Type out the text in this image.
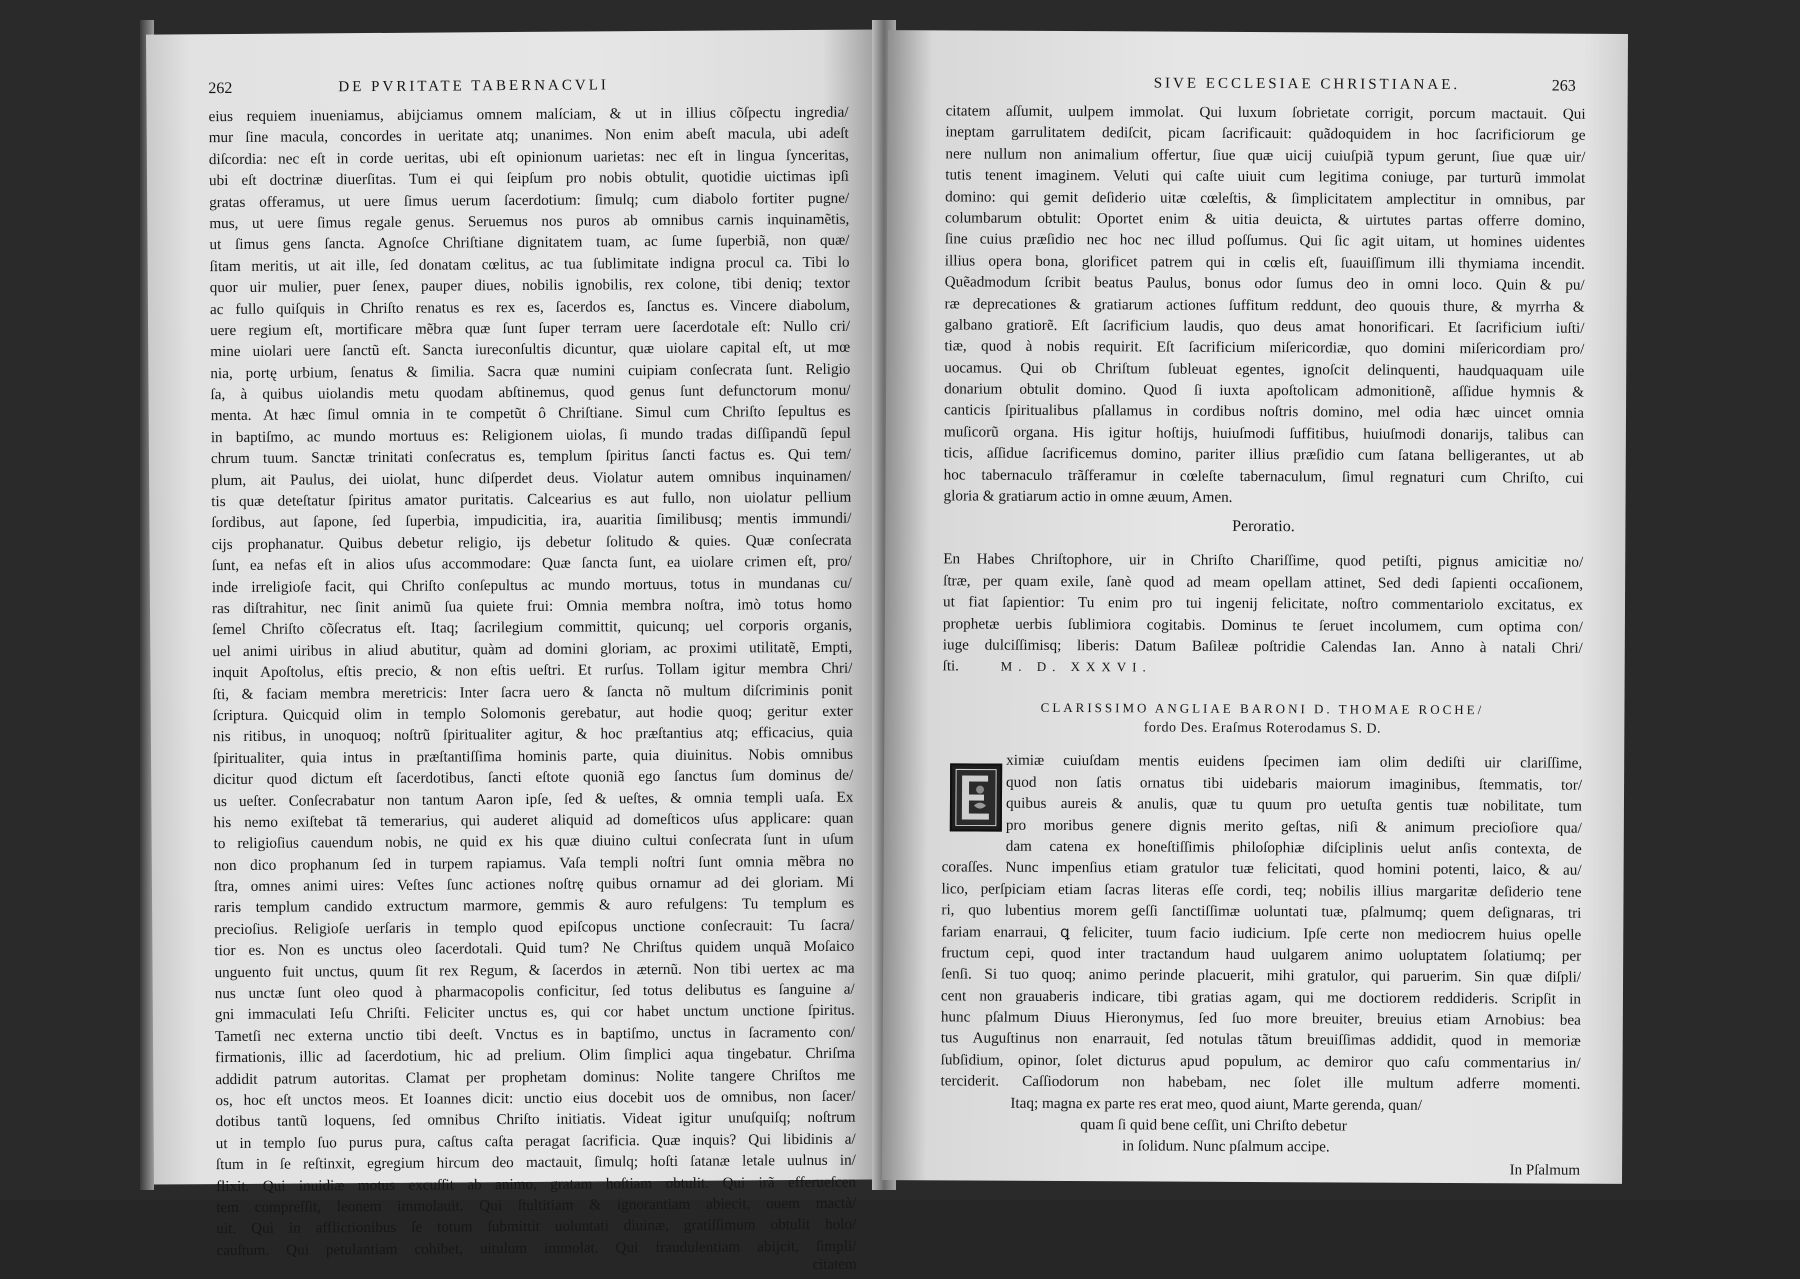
262	DE PVRITATE TABERNACVLI
eius requiem inueniamus, abijciamus omnem malíciam, & ut in illius cõſpectu ingredia/
mur ſine macula, concordes in ueritate atq; unanimes. Non enim abeſt macula, ubi adeſt
diſcordia: nec eſt in corde ueritas, ubi eſt opinionum uarietas: nec eſt in lingua ſynceritas,
ubi eſt doctrinæ diuerſitas. Tum ei qui ſeipſum pro nobis obtulit, quotidie uictimas ipſi
gratas offeramus, ut uere ſimus uerum ſacerdotium: ſimulq; cum diabolo fortiter pugne/
mus, ut uere ſimus regale genus. Seruemus nos puros ab omnibus carnis inquinamẽtis,
ut ſimus gens ſancta. Agnoſce Chriſtiane dignitatem tuam, ac ſume ſuperbiã, non quæ/
ſitam meritis, ut ait ille, ſed donatam cœlitus, ac tua ſublimitate indigna procul ca. Tibi lo
quor uir mulier, puer ſenex, pauper diues, nobilis ignobilis, rex colone, tibi deniq; textor
ac fullo quiſquis in Chriſto renatus es rex es, ſacerdos es, ſanctus es. Vincere diabolum,
uere regium eſt, mortificare mẽbra quæ ſunt ſuper terram uere ſacerdotale eſt: Nullo cri/
mine uiolari uere ſanctũ eſt. Sancta iureconſultis dicuntur, quæ uiolare capital eſt, ut mœ
nia, portę urbium, ſenatus & ſimilia. Sacra quæ numini cuipiam conſecrata ſunt. Religio
ſa, à quibus uiolandis metu quodam abſtinemus, quod genus ſunt defunctorum monu/
menta. At hæc ſimul omnia in te competũt ô Chriſtiane. Simul cum Chriſto ſepultus es
in baptiſmo, ac mundo mortuus es: Religionem uiolas, ſi mundo tradas diſſipandũ ſepul
chrum tuum. Sanctæ trinitati conſecratus es, templum ſpiritus ſancti factus es. Qui tem/
plum, ait Paulus, dei uiolat, hunc diſperdet deus. Violatur autem omnibus inquinamen/
tis quæ deteſtatur ſpiritus amator puritatis. Calcearius es aut fullo, non uiolatur pellium
ſordibus, aut ſapone, ſed ſuperbia, impudicitia, ira, auaritia ſimilibusq; mentis immundi/
cijs prophanatur. Quibus debetur religio, ijs debetur ſolitudo & quies. Quæ conſecrata
ſunt, ea nefas eſt in alios uſus accommodare: Quæ ſancta ſunt, ea uiolare crimen eſt, pro/
inde irreligioſe facit, qui Chriſto conſepultus ac mundo mortuus, totus in mundanas cu/
ras diſtrahitur, nec ſinit animũ ſua quiete frui: Omnia membra noſtra, imò totus homo
ſemel Chriſto cõſecratus eſt. Itaq; ſacrilegium committit, quicunq; uel corporis organis,
uel animi uiribus in aliud abutitur, quàm ad domini gloriam, ac proximi utilitatẽ, Empti,
inquit Apoſtolus, eſtis precio, & non eſtis ueſtri. Et rurſus. Tollam igitur membra Chri/
ſti, & faciam membra meretricis: Inter ſacra uero & ſancta nõ multum diſcriminis ponit
ſcriptura. Quicquid olim in templo Solomonis gerebatur, aut hodie quoq; geritur exter
nis ritibus, in unoquoq; noſtrũ ſpiritualiter agitur, & hoc præſtantius atq; efficacius, quia
ſpiritualiter, quia intus in præſtantiſſima hominis parte, quia diuinitus. Nobis omnibus
dicitur quod dictum eſt ſacerdotibus, ſancti eſtote quoniã ego ſanctus ſum dominus de/
us ueſter. Conſecrabatur non tantum Aaron ipſe, ſed & ueſtes, & omnia templi uaſa. Ex
his nemo exiſtebat tã temerarius, qui auderet aliquid ad domeſticos uſus applicare: quan
to religioſius cauendum nobis, ne quid ex his quæ diuino cultui conſecrata ſunt in uſum
non dico prophanum ſed in turpem rapiamus. Vaſa templi noſtri ſunt omnia mẽbra no
ſtra, omnes animi uires: Veſtes ſunc actiones noſtrę quibus ornamur ad dei gloriam. Mi
raris templum candido extructum marmore, gemmis & auro refulgens: Tu templum es
precioſius. Religioſe uerſaris in templo quod epiſcopus unctione conſecrauit: Tu ſacra/
tior es. Non es unctus oleo ſacerdotali. Quid tum? Ne Chriſtus quidem unquã Moſaico
unguento fuit unctus, quum ſit rex Regum, & ſacerdos in æternũ. Non tibi uertex ac ma
nus unctæ ſunt oleo quod à pharmacopolis conficitur, ſed totus delibutus es ſanguine a/
gni immaculati Ieſu Chriſti. Feliciter unctus es, qui cor habet unctum unctione ſpiritus.
Tametſi nec externa unctio tibi deeſt. Vnctus es in baptiſmo, unctus in ſacramento con/
firmationis, illic ad ſacerdotium, hic ad prelium. Olim ſimplici aqua tingebatur. Chriſma
addidit patrum autoritas. Clamat per prophetam dominus: Nolite tangere Chriſtos me
os, hoc eſt unctos meos. Et Ioannes dicit: unctio eius docebit uos de omnibus, non ſacer/
dotibus tantũ loquens, ſed omnibus Chriſto initiatis. Videat igitur unuſquiſq; noſtrum
ut in templo ſuo purus pura, caſtus caſta peragat ſacrificia. Quæ inquis? Qui libidinis a/
ſtum in ſe reſtinxit, egregium hircum deo mactauit, ſimulq; hoſti ſatanæ letale uulnus in/
flixit. Qui inuidiæ motus excuſſit ab animo, gratam hoſtiam obtulit. Qui irã efferueſcen
tem compreſſit, leonem immolauit. Qui ſtultitiam & ignorantiam abiecit, ouem mactà/
uit. Qui in afflictionibus ſe totum ſubmittit uoluntati diuinæ, gratiſſimum obtulit holo/
cauſtum. Qui petulantiam cohibet, uitulum immolat. Qui fraudulentiam abijcit, ſimpli/
citatem
SIVE ECCLESIAE CHRISTIANAE.	263
citatem aſſumit, uulpem immolat. Qui luxum ſobrietate corrigit, porcum mactauit. Qui
ineptam garrulitatem dediſcit, picam ſacrificauit: quãdoquidem in hoc ſacrificiorum ge
nere nullum non animalium offertur, ſiue quæ uicij cuiuſpiã typum gerunt, ſiue quæ uir/
tutis tenent imaginem. Veluti qui caſte uiuit cum legitima coniuge, par turturũ immolat
domino: qui gemit deſiderio uitæ cœleſtis, & ſimplicitatem amplectitur in omnibus, par
columbarum obtulit: Oportet enim & uitia deuicta, & uirtutes partas offerre domino,
ſine cuius præſidio nec hoc nec illud poſſumus. Qui ſic agit uitam, ut homines uidentes
illius opera bona, glorificet patrem qui in cœlis eſt, ſuauiſſimum illi thymiama incendit.
Quẽadmodum ſcribit beatus Paulus, bonus odor ſumus deo in omni loco. Quin & pu/
ræ deprecationes & gratiarum actiones ſuffitum reddunt, deo quouis thure, & myrrha &
galbano gratiorẽ. Eſt ſacrificium laudis, quo deus amat honorificari. Et ſacrificium iuſti/
tiæ, quod à nobis requirit. Eſt ſacrificium miſericordiæ, quo domini miſericordiam pro/
uocamus. Qui ob Chriſtum ſubleuat egentes, ignoſcit delinquenti, haudquaquam uile
donarium obtulit domino. Quod ſi iuxta apoſtolicam admonitionẽ, aſſidue hymnis &
canticis ſpiritualibus pſallamus in cordibus noſtris domino, mel odia hæc uincet omnia
muſicorũ organa. His igitur hoſtijs, huiuſmodi ſuffitibus, huiuſmodi donarijs, talibus can
ticis, aſſidue ſacrificemus domino, pariter illius præſidio cum ſatana belligerantes, ut ab
hoc tabernaculo trãſferamur in cœleſte tabernaculum, ſimul regnaturi cum Chriſto, cui
gloria & gratiarum actio in omne æuum, Amen.
Peroratio.
En Habes Chriſtophore, uir in Chriſto Chariſſime, quod petiſti, pignus amicitiæ no/
ſtræ, per quam exile, ſanè quod ad meam opellam attinet, Sed dedi ſapienti occaſionem,
ut fiat ſapientior: Tu enim pro tui ingenij felicitate, noſtro commentariolo excitatus, ex
prophetæ uerbis ſublimiora cogitabis. Dominus te ſeruet incolumem, cum optima con/
iuge dulciſſimisq; liberis: Datum Baſileæ poſtridie Calendas Ian. Anno à natali Chri/
ſti.	M. D. XXXVI.
CLARISSIMO ANGLIAE BARONI D. THOMAE ROCHE/
fordo Des. Eraſmus Roterodamus S. D.
ximiæ cuiuſdam mentis euidens ſpecimen iam olim dediſti uir clariſſime,
quod non ſatis ornatus tibi uidebaris maiorum imaginibus, ſtemmatis, tor/
quibus aureis & anulis, quæ tu quum pro uetuſta gentis tuæ nobilitate, tum
pro moribus genere dignis merito geſtas, niſi & animum precioſiore qua/
dam catena ex honeſtiſſimis philoſophiæ diſciplinis uelut anſis contexta, de
coraſſes. Nunc impenſius etiam gratulor tuæ felicitati, quod homini potenti, laico, & au/
lico, perſpiciam etiam ſacras literas eſſe cordi, teq; nobilis illius margaritæ deſiderio tene
ri, quo lubentius morem geſſi ſanctiſſimæ uoluntati tuæ, pſalmumq; quem deſignaras, tri
fariam enarraui, ꝗ feliciter, tuum facio iudicium. Ipſe certe non mediocrem huius opelle
fructum cepi, quod inter tractandum haud uulgarem animo uoluptatem ſolatiumq; per
ſenſi. Si tuo quoq; animo perinde placuerit, mihi gratulor, qui paruerim. Sin quæ diſpli/
cent non grauaberis indicare, tibi gratias agam, qui me doctiorem reddideris. Scripſit in
hunc pſalmum Diuus Hieronymus, ſed ſuo more breuiter, breuius etiam Arnobius: bea
tus Auguſtinus non enarrauit, ſed notulas tãtum breuiſſimas addidit, quod in memoriæ
ſubſidium, opinor, ſolet dicturus apud populum, ac demiror quo caſu commentarius in/
terciderit. Caſſiodorum non habebam, nec ſolet ille multum adferre momenti.
Itaq; magna ex parte res erat meo, quod aiunt, Marte gerenda, quan/
quam ſi quid bene ceſſit, uni Chriſto debetur
in ſolidum. Nunc pſalmum accipe.
In Pſalmum
